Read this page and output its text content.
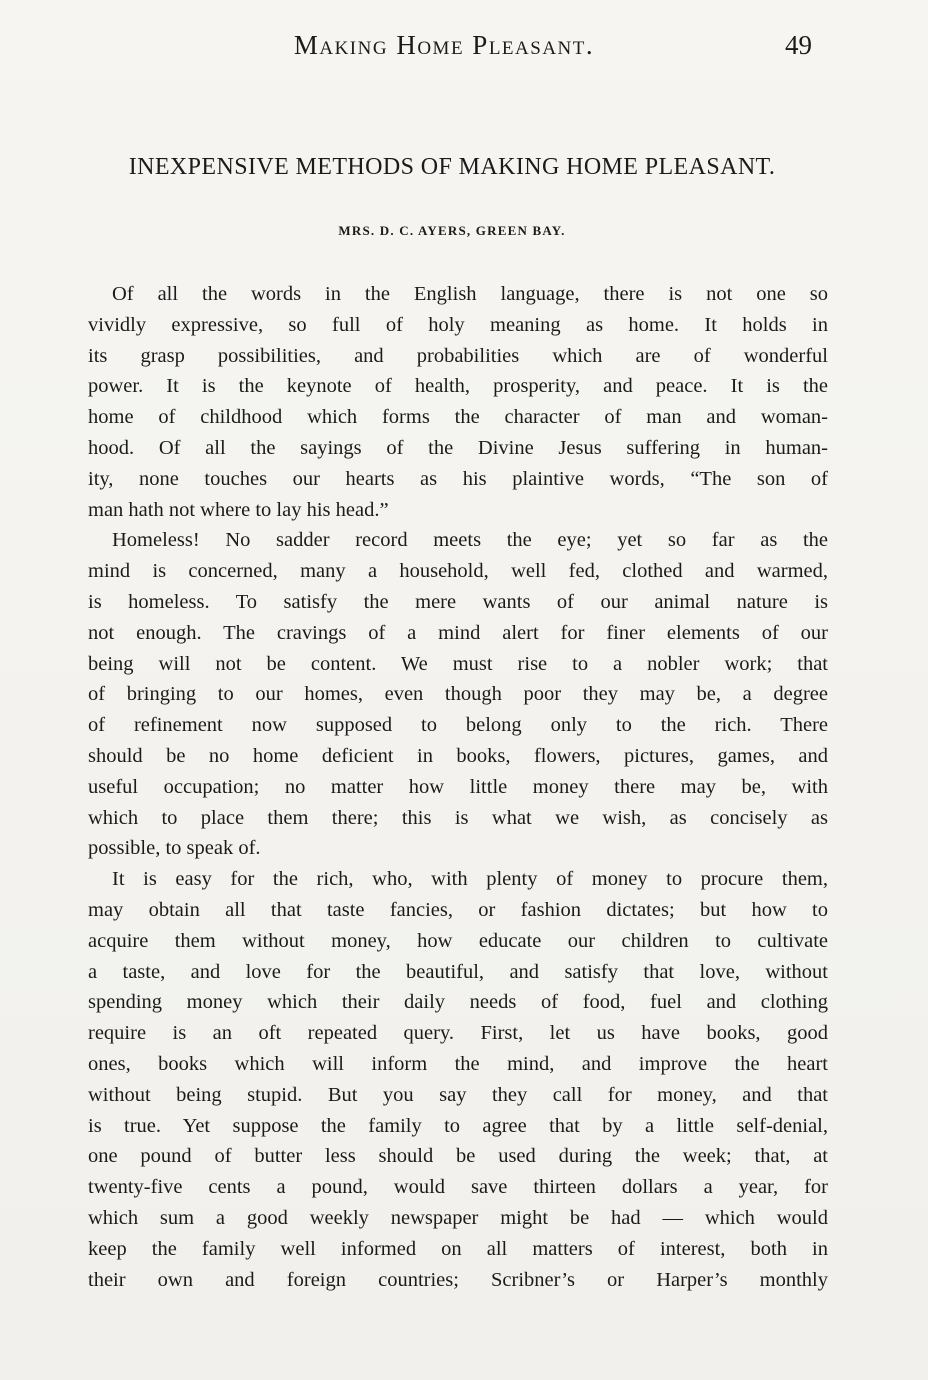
Making Home Pleasant.	49
INEXPENSIVE METHODS OF MAKING HOME PLEASANT.
MRS. D. C. AYERS, GREEN BAY.
Of all the words in the English language, there is not one so
vividly expressive, so full of holy meaning as home. It holds in
its grasp possibilities, and probabilities which are of wonderful
power. It is the keynote of health, prosperity, and peace. It is the
home of childhood which forms the character of man and woman-
hood. Of all the sayings of the Divine Jesus suffering in human-
ity, none touches our hearts as his plaintive words, “The son of
man hath not where to lay his head.”
Homeless! No sadder record meets the eye; yet so far as the
mind is concerned, many a household, well fed, clothed and warmed,
is homeless. To satisfy the mere wants of our animal nature is
not enough. The cravings of a mind alert for finer elements of our
being will not be content. We must rise to a nobler work; that
of bringing to our homes, even though poor they may be, a degree
of refinement now supposed to belong only to the rich. There
should be no home deficient in books, flowers, pictures, games, and
useful occupation; no matter how little money there may be, with
which to place them there; this is what we wish, as concisely as
possible, to speak of.
It is easy for the rich, who, with plenty of money to procure them,
may obtain all that taste fancies, or fashion dictates; but how to
acquire them without money, how educate our children to cultivate
a taste, and love for the beautiful, and satisfy that love, without
spending money which their daily needs of food, fuel and clothing
require is an oft repeated query. First, let us have books, good
ones, books which will inform the mind, and improve the heart
without being stupid. But you say they call for money, and that
is true. Yet suppose the family to agree that by a little self-denial,
one pound of butter less should be used during the week; that, at
twenty-five cents a pound, would save thirteen dollars a year, for
which sum a good weekly newspaper might be had — which would
keep the family well informed on all matters of interest, both in
their own and foreign countries; Scribner’s or Harper’s monthly
